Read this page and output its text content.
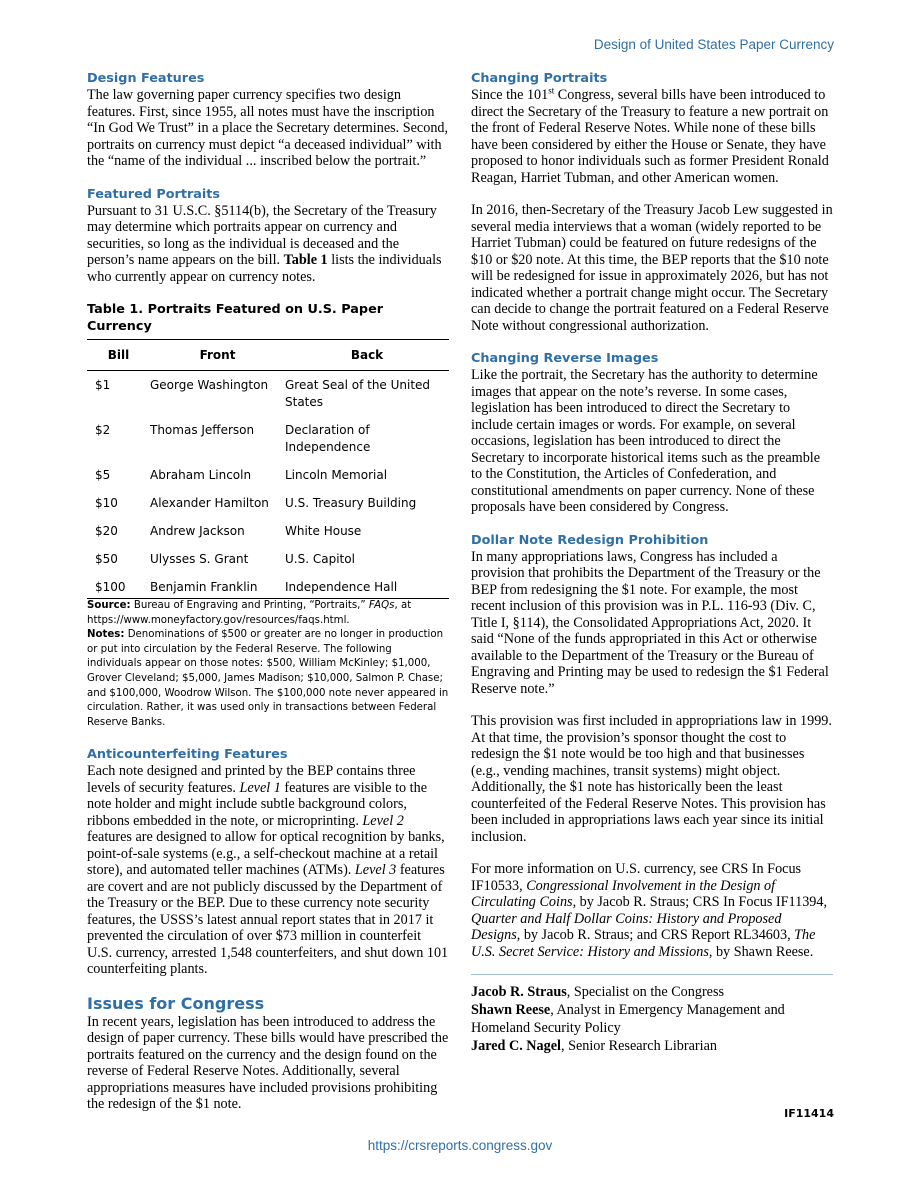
Design of United States Paper Currency

Design Features

The law governing paper currency specifies two design features. First, since 1955, all notes must have the inscription “In God We Trust” in a place the Secretary determines. Second, portraits on currency must depict “a deceased individual” with the “name of the individual ... inscribed below the portrait.”

Featured Portraits

Pursuant to 31 U.S.C. §5114(b), the Secretary of the Treasury may determine which portraits appear on currency and securities, so long as the individual is deceased and the person’s name appears on the bill. Table 1 lists the individuals who currently appear on currency notes.

Table 1. Portraits Featured on U.S. Paper Currency

Bill	Front	Back
$1	George Washington	Great Seal of the United States
$2	Thomas Jefferson	Declaration of Independence
$5	Abraham Lincoln	Lincoln Memorial
$10	Alexander Hamilton	U.S. Treasury Building
$20	Andrew Jackson	White House
$50	Ulysses S. Grant	U.S. Capitol
$100	Benjamin Franklin	Independence Hall

Source: Bureau of Engraving and Printing, “Portraits,” FAQs, at https://www.moneyfactory.gov/resources/faqs.html.

Notes: Denominations of $500 or greater are no longer in production or put into circulation by the Federal Reserve. The following individuals appear on those notes: $500, William McKinley; $1,000, Grover Cleveland; $5,000, James Madison; $10,000, Salmon P. Chase; and $100,000, Woodrow Wilson. The $100,000 note never appeared in circulation. Rather, it was used only in transactions between Federal Reserve Banks.

Anticounterfeiting Features

Each note designed and printed by the BEP contains three levels of security features. Level 1 features are visible to the note holder and might include subtle background colors, ribbons embedded in the note, or microprinting. Level 2 features are designed to allow for optical recognition by banks, point-of-sale systems (e.g., a self-checkout machine at a retail store), and automated teller machines (ATMs). Level 3 features are covert and are not publicly discussed by the Department of the Treasury or the BEP. Due to these currency note security features, the USSS’s latest annual report states that in 2017 it prevented the circulation of over $73 million in counterfeit U.S. currency, arrested 1,548 counterfeiters, and shut down 101 counterfeiting plants.

Issues for Congress

In recent years, legislation has been introduced to address the design of paper currency. These bills would have prescribed the portraits featured on the currency and the design found on the reverse of Federal Reserve Notes. Additionally, several appropriations measures have included provisions prohibiting the redesign of the $1 note.

Changing Portraits

Since the 101st Congress, several bills have been introduced to direct the Secretary of the Treasury to feature a new portrait on the front of Federal Reserve Notes. While none of these bills have been considered by either the House or Senate, they have proposed to honor individuals such as former President Ronald Reagan, Harriet Tubman, and other American women.

In 2016, then-Secretary of the Treasury Jacob Lew suggested in several media interviews that a woman (widely reported to be Harriet Tubman) could be featured on future redesigns of the $10 or $20 note. At this time, the BEP reports that the $10 note will be redesigned for issue in approximately 2026, but has not indicated whether a portrait change might occur. The Secretary can decide to change the portrait featured on a Federal Reserve Note without congressional authorization.

Changing Reverse Images

Like the portrait, the Secretary has the authority to determine images that appear on the note’s reverse. In some cases, legislation has been introduced to direct the Secretary to include certain images or words. For example, on several occasions, legislation has been introduced to direct the Secretary to incorporate historical items such as the preamble to the Constitution, the Articles of Confederation, and constitutional amendments on paper currency. None of these proposals have been considered by Congress.

Dollar Note Redesign Prohibition

In many appropriations laws, Congress has included a provision that prohibits the Department of the Treasury or the BEP from redesigning the $1 note. For example, the most recent inclusion of this provision was in P.L. 116-93 (Div. C, Title I, §114), the Consolidated Appropriations Act, 2020. It said “None of the funds appropriated in this Act or otherwise available to the Department of the Treasury or the Bureau of Engraving and Printing may be used to redesign the $1 Federal Reserve note.”

This provision was first included in appropriations law in 1999. At that time, the provision’s sponsor thought the cost to redesign the $1 note would be too high and that businesses (e.g., vending machines, transit systems) might object. Additionally, the $1 note has historically been the least counterfeited of the Federal Reserve Notes. This provision has been included in appropriations laws each year since its initial inclusion.

For more information on U.S. currency, see CRS In Focus IF10533, Congressional Involvement in the Design of Circulating Coins, by Jacob R. Straus; CRS In Focus IF11394, Quarter and Half Dollar Coins: History and Proposed Designs, by Jacob R. Straus; and CRS Report RL34603, The U.S. Secret Service: History and Missions, by Shawn Reese.

Jacob R. Straus, Specialist on the Congress

Shawn Reese, Analyst in Emergency Management and Homeland Security Policy

Jared C. Nagel, Senior Research Librarian

IF11414
https://crsreports.congress.gov
